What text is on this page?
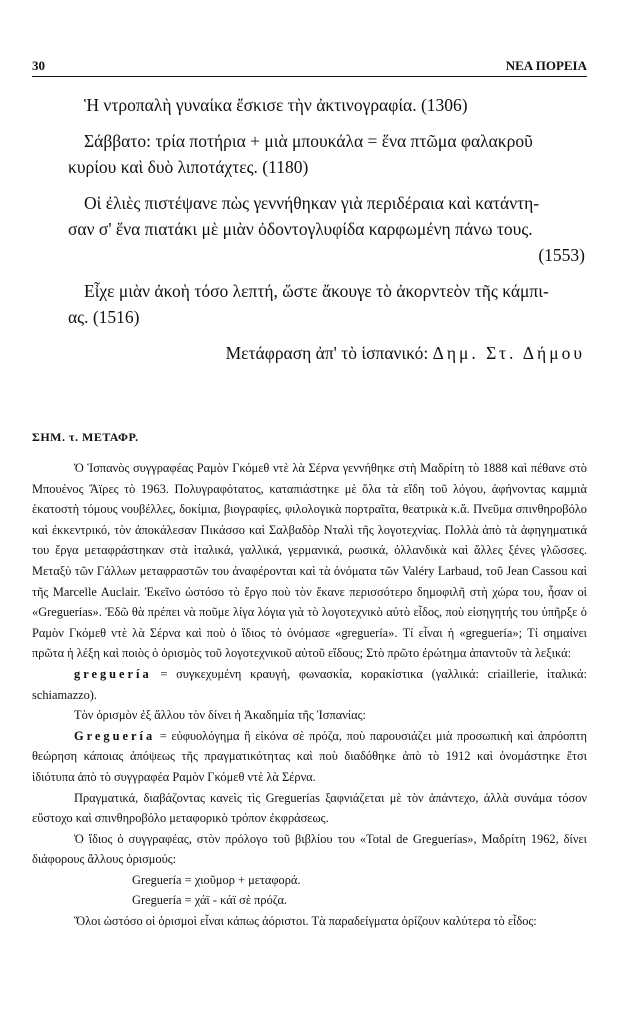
30	ΝΕΑ ΠΟΡΕΙΑ

Ἡ ντροπαλὴ γυναίκα ἔσκισε τὴν ἀκτινογραφία. (1306)

Σάββατο: τρία ποτήρια + μιὰ μπουκάλα = ἕνα πτῶμα φαλακροῦ

κυρίου καὶ δυὸ λιποτάχτες. (1180)

Οἱ ἐλιὲς πιστέψανε πὼς γεννήθηκαν γιὰ περιδέραια καὶ κατάντη-

σαν σ' ἕνα πιατάκι μὲ μιὰν ὀδοντογλυφίδα καρφωμένη πάνω τους.

(1553)

Εἶχε μιὰν ἀκοὴ τόσο λεπτή, ὥστε ἄκουγε τὸ ἀκορντεὸν τῆς κάμπι-

ας. (1516)

Μετάφραση ἀπ' τὸ ἱσπανικό: Δημ. Στ. Δήμου
ΣΗΜ. τ. ΜΕΤΑΦΡ.

Ὁ Ἱσπανὸς συγγραφέας Ραμὸν Γκόμεθ ντὲ λὰ Σέρνα γεννήθηκε στὴ Μαδρίτη τὸ 1888 καὶ πέθανε στὸ Μπουένος Ἄϊρες τὸ 1963. Πολυγραφότατος, καταπιάστηκε μὲ ὅλα τὰ εἴδη τοῦ λόγου, ἀφήνοντας καμμιὰ ἑκατοστὴ τόμους νουβέλλες, δοκίμια, βιογραφίες, φιλολογικὰ πορτραῖτα, θεατρικὰ κ.ἄ. Πνεῦμα σπινθηροβόλο καὶ ἐκκεντρικό, τὸν ἀποκάλεσαν Πικάσσο καὶ Σαλβαδὸρ Νταλὶ τῆς λογοτεχνίας. Πολλὰ ἀπὸ τὰ ἀφηγηματικά του ἔργα μεταφράστηκαν στὰ ἰταλικά, γαλλικά, γερμανικά, ρωσικά, ὀλλανδικὰ καὶ ἄλλες ξένες γλῶσσες. Μεταξὺ τῶν Γάλλων μεταφραστῶν του ἀναφέρονται καὶ τὰ ὀνόματα τῶν Valéry Larbaud, τοῦ Jean Cassou καὶ τῆς Marcelle Auclair. Ἐκεῖνο ὡστόσο τὸ ἔργο ποὺ τὸν ἔκανε περισσότερο δημοφιλῆ στὴ χώρα του, ἦσαν οἱ «Greguerías». Ἐδῶ θὰ πρέπει νὰ ποῦμε λίγα λόγια γιὰ τὸ λογοτεχνικὸ αὐτὸ εἶδος, ποὺ εἰσηγητής του ὑπῆρξε ὁ Ραμὸν Γκόμεθ ντὲ λὰ Σέρνα καὶ ποὺ ὁ ἴδιος τὸ ὀνόμασε «greguería». Τί εἶναι ἡ «greguería»; Τί σημαίνει πρῶτα ἡ λέξη καὶ ποιὸς ὁ ὁρισμὸς τοῦ λογοτεχνικοῦ αὐτοῦ εἴδους; Στὸ πρῶτο ἐρώτημα ἀπαντοῦν τὰ λεξικά:

greguería = συγκεχυμένη κραυγή, φωνασκία, κορακίστικα (γαλλικά: criaillerie, ἰταλικά: schiamazzo).

Τὸν ὁρισμὸν ἐξ ἄλλου τὸν δίνει ἡ Ἀκαδημία τῆς Ἱσπανίας:

Greguería = εὐφυολόγημα ἢ εἰκόνα σὲ πρόζα, ποὺ παρουσιάζει μιὰ προσωπικὴ καὶ ἀπρόοπτη θεώρηση κάποιας ἀπόψεως τῆς πραγματικότητας καὶ ποὺ διαδόθηκε ἀπὸ τὸ 1912 καὶ ὀνομάστηκε ἔτσι ἰδιότυπα ἀπὸ τὸ συγγραφέα Ραμὸν Γκόμεθ ντὲ λὰ Σέρνα.

Πραγματικά, διαβάζοντας κανεὶς τὶς Greguerías ξαφνιάζεται μὲ τὸν ἀπάντεχο, ἀλλὰ συνάμα τόσον εὔστοχο καὶ σπινθηροβόλο μεταφορικὸ τρόπον ἐκφράσεως.

Ὁ ἴδιος ὁ συγγραφέας, στὸν πρόλογο τοῦ βιβλίου του «Total de Greguerías», Μαδρίτη 1962, δίνει διάφορους ἄλλους ὁρισμούς:

Greguería = χιοῦμορ + μεταφορά.
Greguería = χάϊ - κάϊ σὲ πρόζα.

Ὅλοι ὡστόσο οἱ ὁρισμοὶ εἶναι κάπως ἀόριστοι. Τὰ παραδείγματα ὁρίζουν καλύτερα τὸ εἶδος:
